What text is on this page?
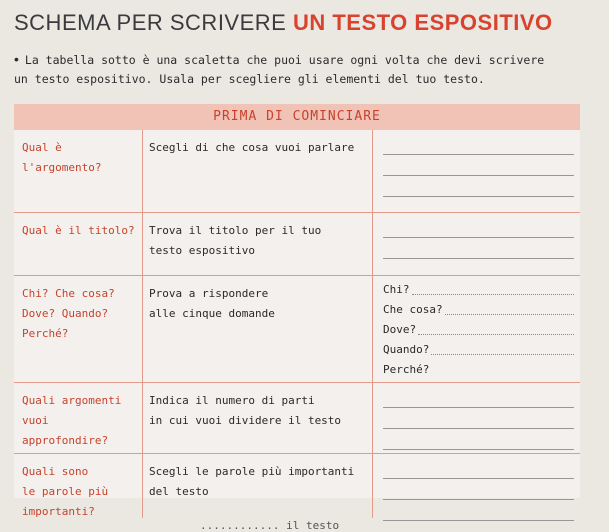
SCHEMA PER SCRIVERE UN TESTO ESPOSITIVO
• La tabella sotto è una scaletta che puoi usare ogni volta che devi scrivere
un testo espositivo. Usala per scegliere gli elementi del tuo testo.
PRIMA DI COMINCIARE
Qual è
l'argomento?
Scegli di che cosa vuoi parlare
Qual è il titolo?	Trova il titolo per il tuo
testo espositivo
Chi? Che cosa?
Dove? Quando?
Perché?
Prova a rispondere
alle cinque domande
Chi?
Che cosa?
Dove?
Quando?
Perché?
Quali argomenti
vuoi
approfondire?
Indica il numero di parti
in cui vuoi dividere il testo
Quali sono
le parole più
importanti?
Scegli le parole più importanti
del testo
............ il testo
